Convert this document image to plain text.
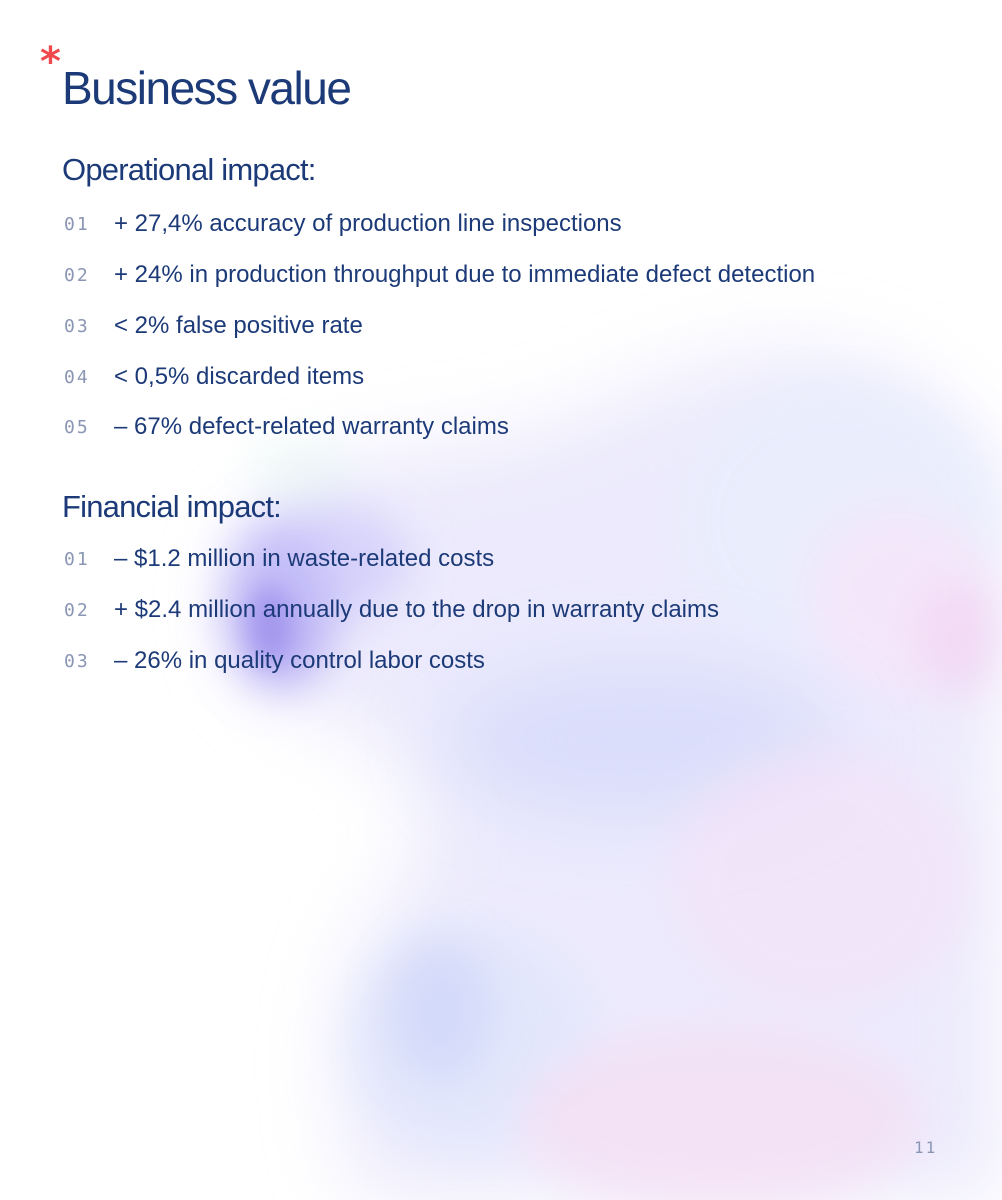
* Business value
Operational impact:
01	+ 27,4% accuracy of production line inspections
02	+ 24% in production throughput due to immediate defect detection
03	< 2% false positive rate
04	< 0,5% discarded items
05	– 67% defect-related warranty claims
Financial impact:
01	– $1.2 million in waste-related costs
02	+ $2.4 million annually due to the drop in warranty claims
03	– 26% in quality control labor costs
11
